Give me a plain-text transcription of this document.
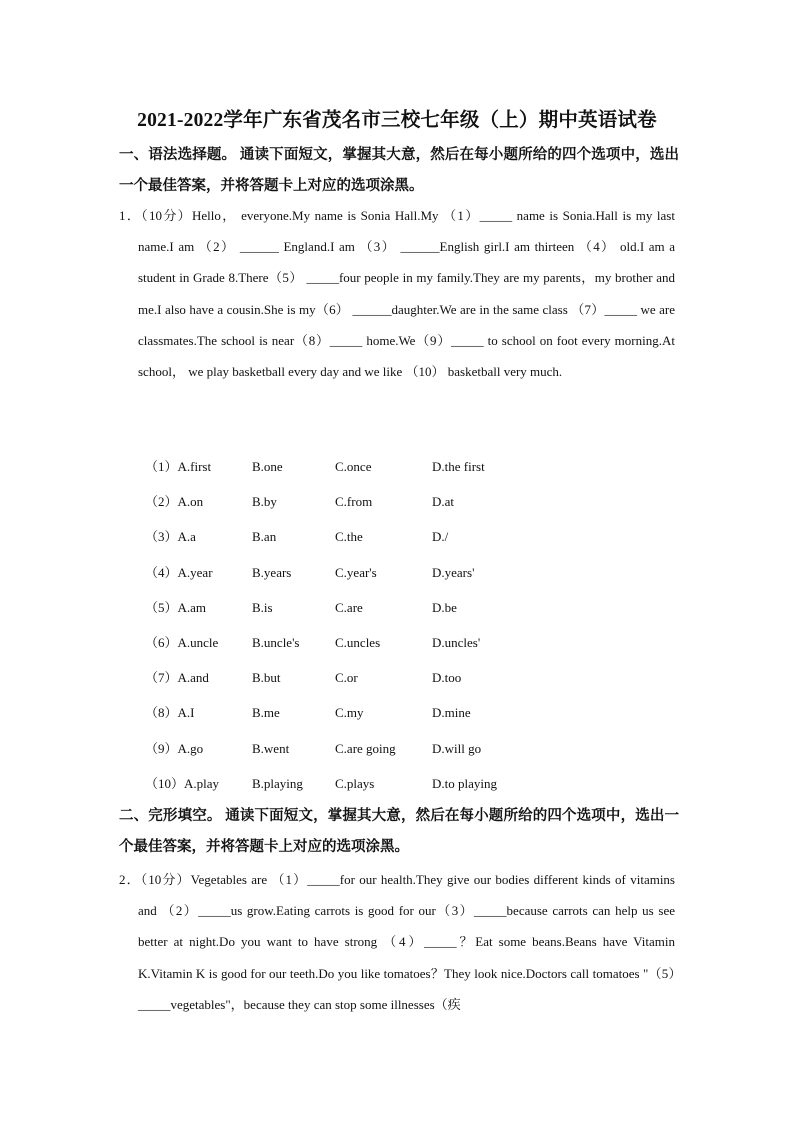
2021-2022学年广东省茂名市三校七年级（上）期中英语试卷
一、语法选择题。 通读下面短文，掌握其大意，然后在每小题所给的四个选项中，选出一个最佳答案，并将答题卡上对应的选项涂黑。
1．（10分）Hello， everyone.My name is Sonia Hall.My （1）_____ name is Sonia.Hall is my last name.I am （2） ______ England.I am （3） ______English girl.I am thirteen （4） old.I am a student in Grade 8.There（5） _____four people in my family.They are my parents，my brother and me.I also have a cousin.She is my（6） ______daughter.We are in the same class （7）_____ we are classmates.The school is near（8）_____ home.We（9）_____ to school on foot every morning.At school， we play basketball every day and we like （10） basketball very much.
（1）A.first	B.one	C.once	D.the first
（2）A.on	B.by	C.from	D.at
（3）A.a	B.an	C.the	D./
（4）A.year	B.years	C.year's	D.years'
（5）A.am	B.is	C.are	D.be
（6）A.uncle	B.uncle's	C.uncles	D.uncles'
（7）A.and	B.but	C.or	D.too
（8）A.I	B.me	C.my	D.mine
（9）A.go	B.went	C.are going	D.will go
（10）A.play	B.playing C.plays	D.to playing
二、完形填空。 通读下面短文，掌握其大意，然后在每小题所给的四个选项中，选出一个最佳答案，并将答题卡上对应的选项涂黑。
2．（10分）Vegetables are （1）_____for our health.They give our bodies different kinds of vitamins and （2）_____us grow.Eating carrots is good for our（3）_____because carrots can help us see better at night.Do you want to have strong （4）_____？Eat some beans.Beans have Vitamin K.Vitamin K is good for our teeth.Do you like tomatoes？They look nice.Doctors call tomatoes "（5）_____vegetables"，because they can stop some illnesses（疾
